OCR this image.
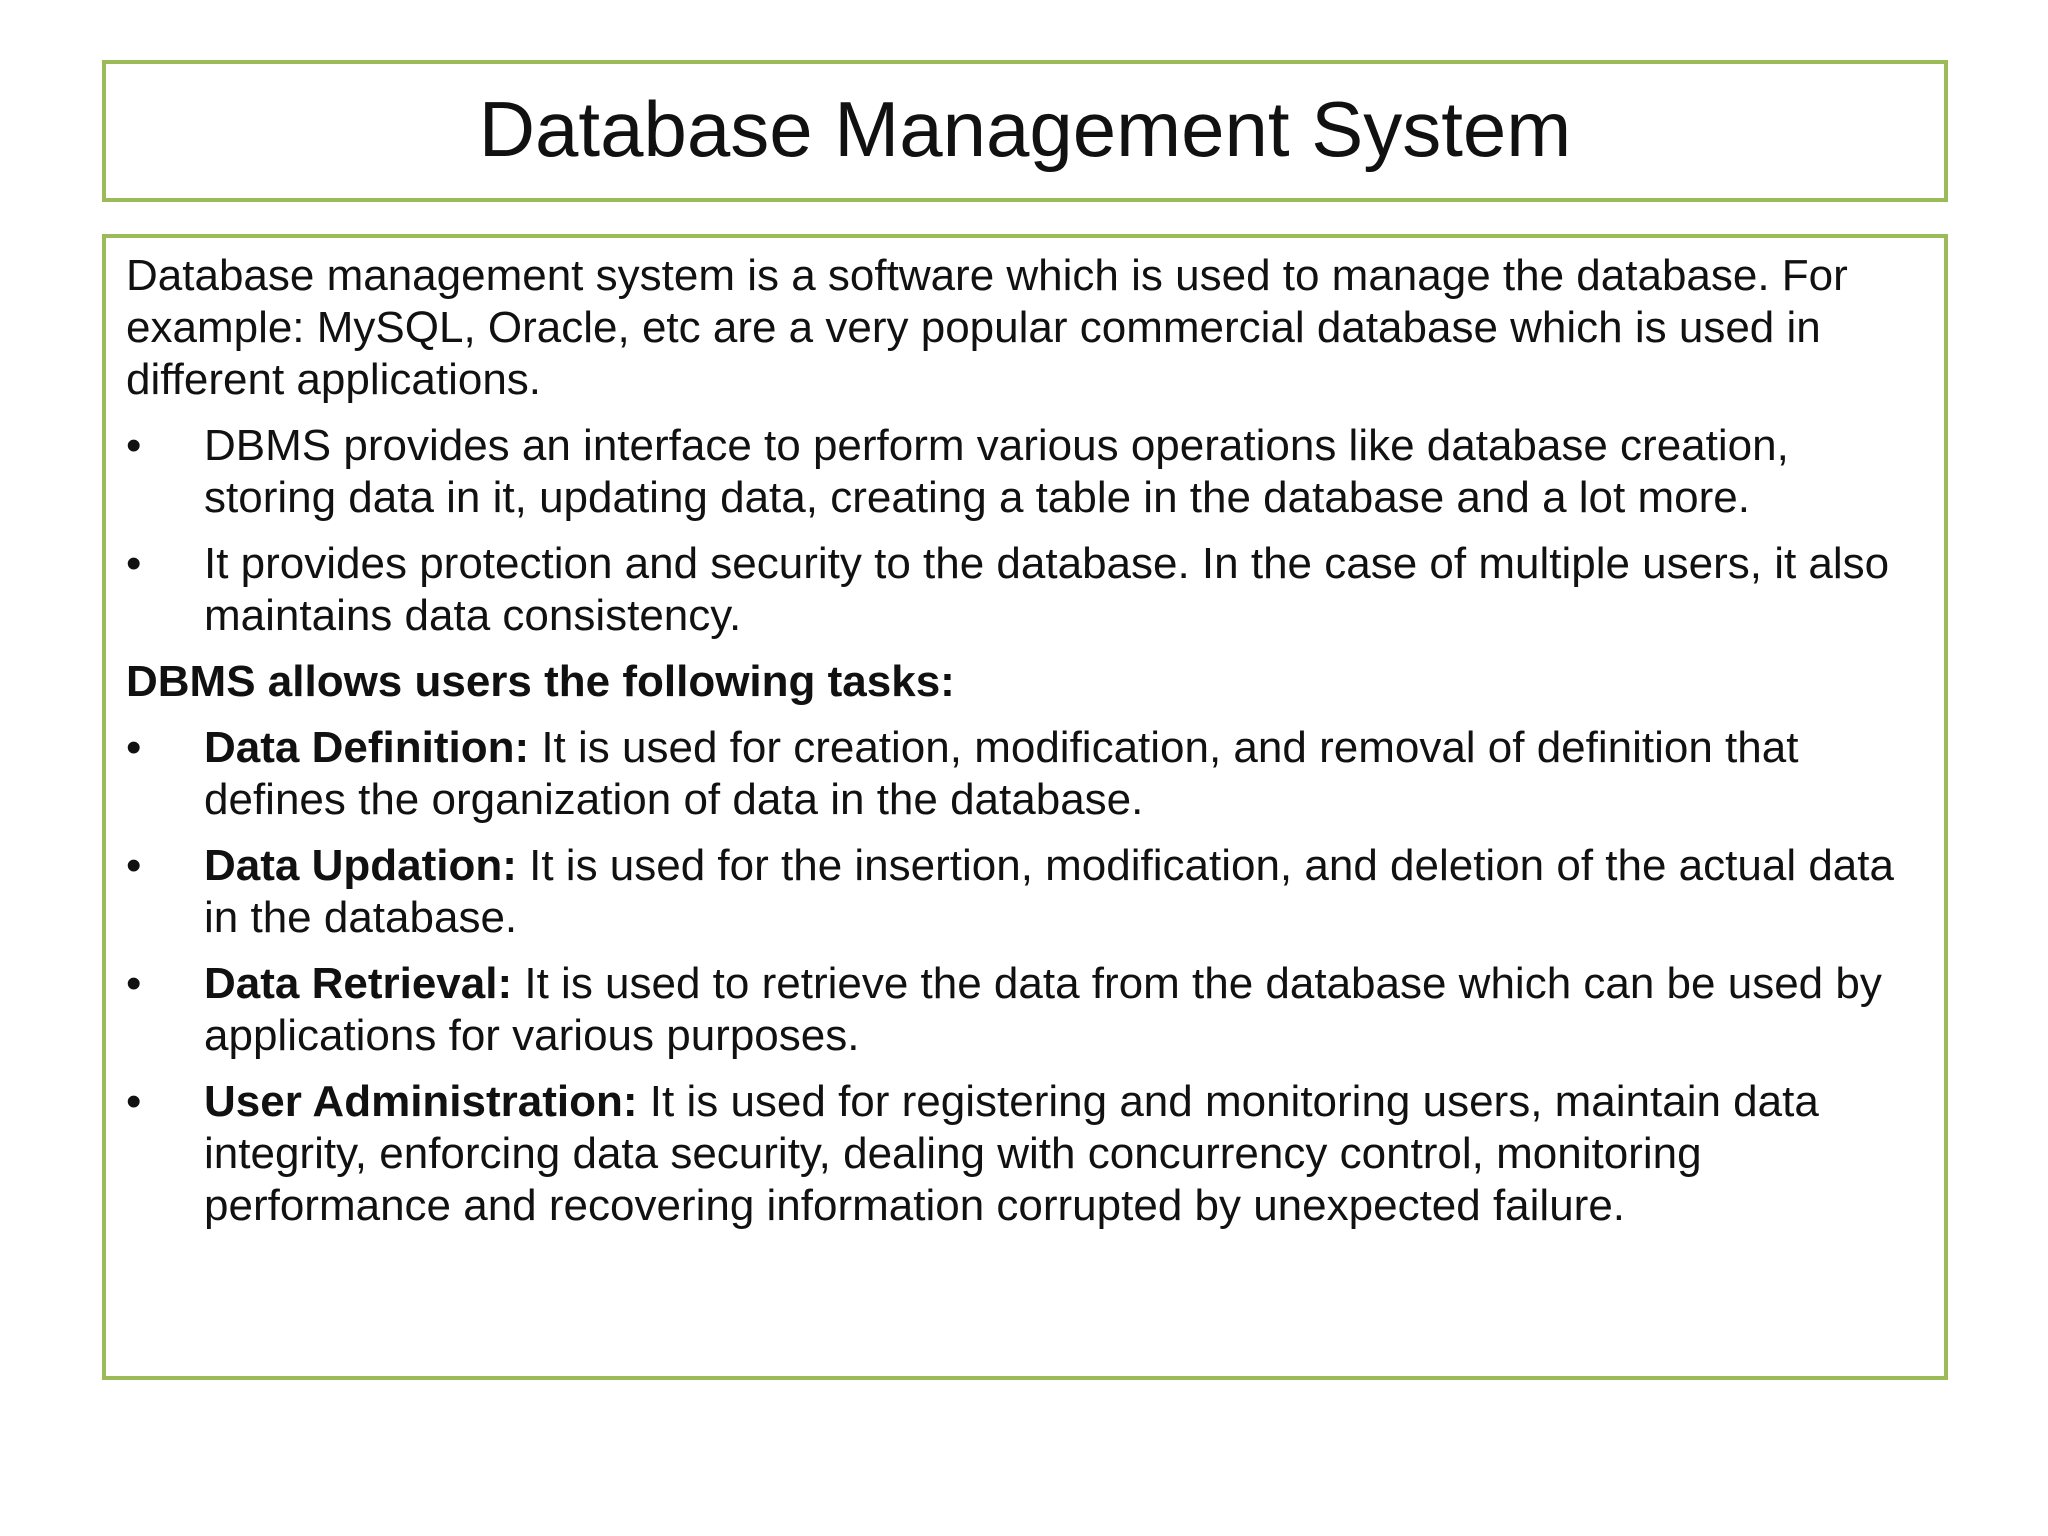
Database Management System

Database management system is a software which is used to manage the database. For example: MySQL, Oracle, etc are a very popular commercial database which is used in different applications.

•	DBMS provides an interface to perform various operations like database creation, storing data in it, updating data, creating a table in the database and a lot more.
•	It provides protection and security to the database. In the case of multiple users, it also maintains data consistency.
DBMS allows users the following tasks:
•	Data Definition: It is used for creation, modification, and removal of definition that defines the organization of data in the database.
•	Data Updation: It is used for the insertion, modification, and deletion of the actual data in the database.
•	Data Retrieval: It is used to retrieve the data from the database which can be used by applications for various purposes.
•	User Administration: It is used for registering and monitoring users, maintain data integrity, enforcing data security, dealing with concurrency control, monitoring performance and recovering information corrupted by unexpected failure.
